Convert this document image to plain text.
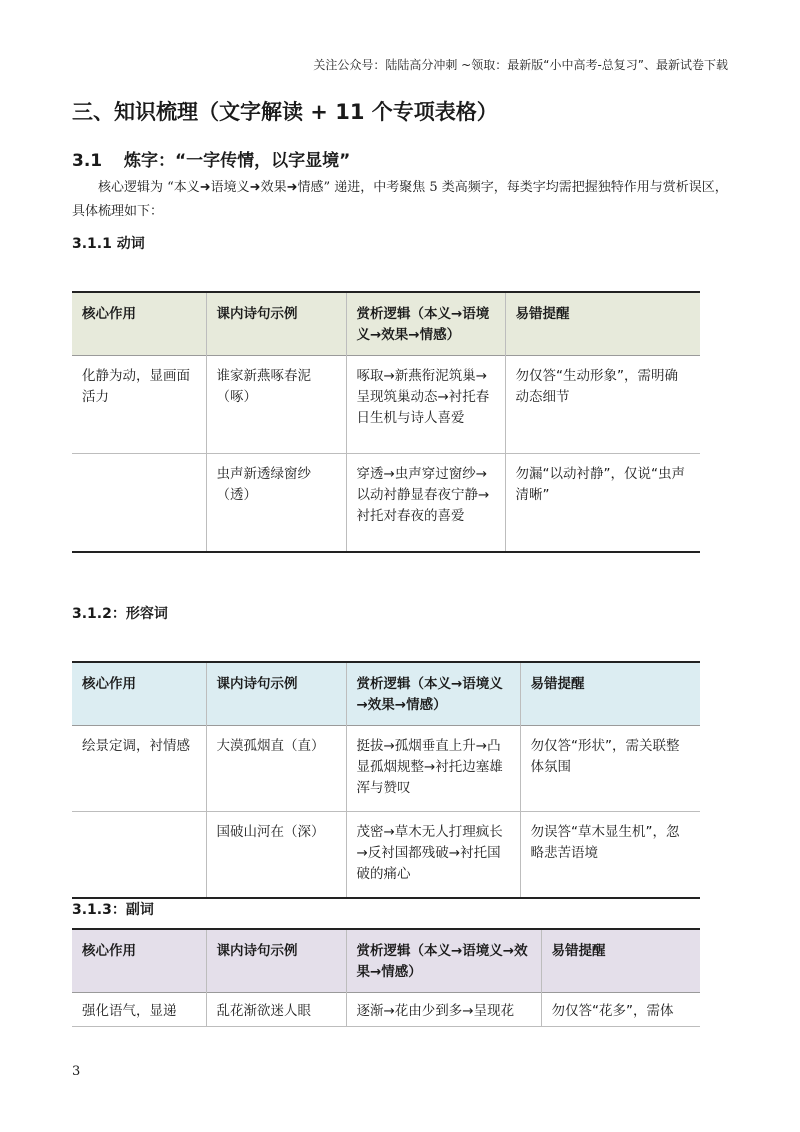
关注公众号：陆陆高分冲刺 ~领取：最新版“小中高考-总复习”、最新试卷下载
三、知识梳理（文字解读 + 11 个专项表格）
3.1 炼字：“一字传情，以字显境”
核心逻辑为 “本义➜语境义➜效果➜情感” 递进，中考聚焦 5 类高频字，每类字均需把握独特作用与赏析误区，具体梳理如下：
3.1.1 动词
核心作用	课内诗句示例	赏析逻辑（本义→语境义→效果→情感）	易错提醒
化静为动，显画面活力	谁家新燕啄春泥（啄）	啄取→新燕衔泥筑巢→呈现筑巢动态→衬托春日生机与诗人喜爱	勿仅答“生动形象”，需明确动态细节
	虫声新透绿窗纱（透）	穿透→虫声穿过窗纱→以动衬静显春夜宁静→衬托对春夜的喜爱	勿漏“以动衬静”，仅说“虫声清晰”
3.1.2：形容词
核心作用	课内诗句示例	赏析逻辑（本义→语境义→效果→情感）	易错提醒
绘景定调，衬情感	大漠孤烟直（直）	挺拔→孤烟垂直上升→凸显孤烟规整→衬托边塞雄浑与赞叹	勿仅答“形状”，需关联整体氛围
	国破山河在（深）	茂密→草木无人打理疯长→反衬国都残破→衬托国破的痛心	勿误答“草木显生机”，忽略悲苦语境
3.1.3：副词
核心作用	课内诗句示例	赏析逻辑（本义→语境义→效果→情感）	易错提醒
强化语气，显递	乱花渐欲迷人眼	逐渐→花由少到多→呈现花	勿仅答“花多”，需体
3
